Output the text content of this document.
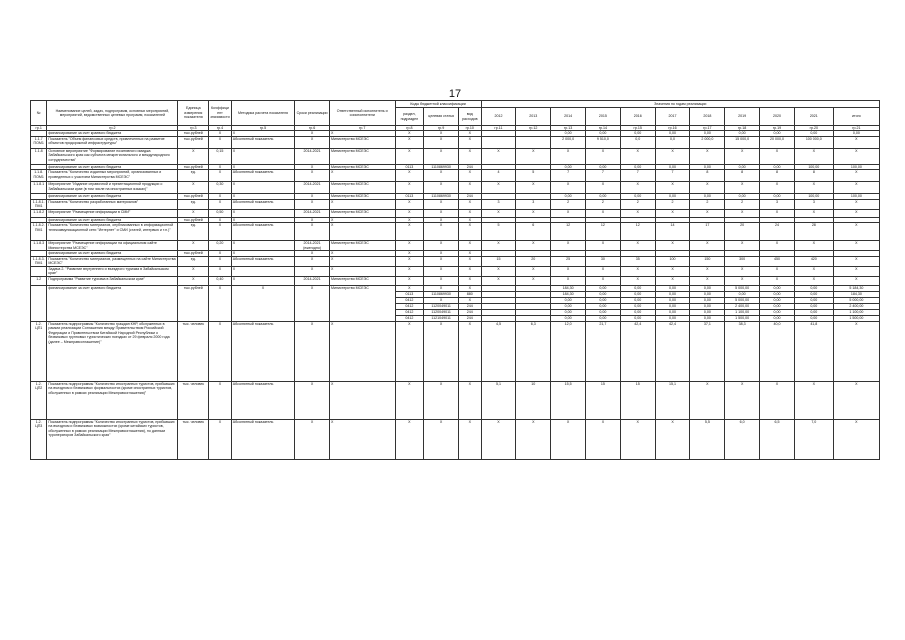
17
№	Наименование целей, задач, подпрограмм, основных мероприятий, мероприятий, ведомственных целевых программ, показателей	Единица измерения показателя	Коэффициент значимости	Методика расчета показателя	Сроки реализации	Ответственный исполнитель и соисполнители	Коды бюджетной классификации			Значения по годам реализации										
							раздел, подраздел	целевая статья	вид расходов	2012	2013	2014	2015	2016	2017	2018	2019	2020	2021	итого
гр.1	гр.2	гр.3	гр.4	гр.5	гр.6	гр.7	гр.8	гр.9	гр.10	гр.11	гр.12	гр.13	гр.14	гр.15	гр.16	гр.17	гр.18	гр.19	гр.20	гр.21
	финансирование за счет краевого бюджета	тыс.рублей	Х	Х	Х	Х	Х	Х	Х			0,00	0,00	0,00	0,00	0,00	0,00	0,00	0,00	0,00
1.1.7 ПОМ1	Показатель "Объем финансовых средств, привлеченных на развитие объектов придорожной инфраструктуры"	тыс.рублей	Х	Абсолютный показатель	Х	Министерство МСЕЭС	Х	Х	Х			2 000,0	9 510,0	0,0	0,0	2 000,0	15 000,0	20 000,0	100 000,0	Х
1.1.8	Основное мероприятие "Формирование позитивного имиджа Забайкальского края как субъекта межрегионального и международного сотрудничества"	Х	0,15	Х	2014-2021	Министерство МСЕЭС	Х	Х	Х	Х	Х	Х	Х	Х	Х	Х	Х	Х	Х	Х
	финансирование за счет краевого бюджета	тыс.рублей	Х	Х	Х	Министерство МСЕЭС	0113	1110869930	244			0,00	0,00	0,00	0,00	0,00	0,00	0,00	100,00	100,00
1.1.8. ПОМ1	Показатель "Количество изданных мероприятий, организованных и проведенных с участием Министерства МСЕЭС"	ед.	Х	Абсолютный показатель	Х	Х	Х	Х	Х	4	5	7	7	7	7	8	8	8	8	Х
1.1.8.1	Мероприятие "Издание справочной и презентационной продукции о Забайкальском крае (в том числе на иностранных языках)"	Х	0,30	Х	2014-2021	Министерство МСЕЭС	Х	Х	Х	Х	Х	Х	Х	Х	Х	Х	Х	Х	Х	Х
	финансирование за счет краевого бюджета	тыс.рублей	Х	Х	Х	Министерство МСЕЭС	0113	1110869930	244			0,00	0,00	0,00	0,00	0,00	0,00	0,00	100,00	100,00
1.1.8.1. ПМ1	Показатель "Количество разработанных материалов"	ед.	Х	Абсолютный показатель	Х	Х	Х	Х	Х	3	3	2	2	2	2	2	2	3	3	Х
1.1.8.2	Мероприятие "Размещение информации в СМИ"	Х	0,50	Х	2014-2021	Министерство МСЕЭС	Х	Х	Х	Х	Х	Х	Х	Х	Х	Х	Х	Х	Х	Х
	финансирование за счет краевого бюджета	тыс.рублей	Х	Х	Х	Х	Х	Х	Х											
1.1.8.2. ПМ1	Показатель "Количество материалов, опубликованных в информационной телекоммуникационной сети "Интернет" и СМИ (статей, интервью и т.п.)"	ед.	Х	Абсолютный показатель	Х	Х	Х	Х	Х	5	6	12	12	12	14	17	20	24	28	Х
1.1.8.3	Мероприятие "Размещение информации на официальном сайте Министерства МСЕЭС"	Х	0,20	Х	2014-2021 (ежегодно)	Министерство МСЕЭС	Х	Х	Х	Х	Х	Х	Х	Х	Х	Х	Х	Х	Х	Х
	финансирование за счет краевого бюджета	тыс.рублей	Х	Х	Х	Х	Х	Х	Х											
1.1.8.3. ПМ1	Показатель "Количество материалов, размещенных на сайте Министерства МСЕЭС"	ед.	Х	Абсолютный показатель	Х	Х	Х	Х	Х	15	20	25	30	35	100	150	300	450	420	Х
	Задача 2. "Развитие внутреннего и въездного туризма в Забайкальском крае"	Х	Х	Х	Х	Х	Х	Х	Х	Х	Х	Х	Х	Х	Х	Х	Х	Х	Х	Х
1.2	Подпрограмма "Развитие туризма в Забайкальском крае"	Х	0,40	Х	2014-2021	Министерство МСЕЭС	Х	Х	Х	Х	Х	Х	Х	Х	Х	Х	Х	Х	Х	Х
	финансирование за счет краевого бюджета	тыс.рублей	Х	Х	Х	Министерство МСЕЭС	Х	Х	Х			184,30	0,00	0,00	0,00	0,00	5 000,00	0,00	0,00	5 184,30
							0113	1110869930	880			184,30	0,00	0,00	0,00	0,00	0,00	0,00	0,00	184,30
							0412	Х	Х			0,00	0,00	0,00	0,00	0,00	5 000,00	0,00	0,00	5 000,00
							0412	1120049011	244			0,00	0,00	0,00	0,00	0,00	2 400,00	0,00	0,00	2 400,00
							0412	1120049011	244			0,00	0,00	0,00	0,00	0,00	1 100,00	0,00	0,00	1 100,00
							0412	1121049011	244			0,00	0,00	0,00	0,00	0,00	1 500,00	0,00	0,00	1 500,00
1.2. ЦП1	Показатель подпрограммы "Количество граждан КНР, обслуженных в рамках реализации Соглашения между Правительством Российской Федерации и Правительством Китайской Народной Республики о безвизовых групповых туристических поездках от 29 февраля 2000 года (далее – Межправсоглашение)"	тыс. человек	Х	Абсолютный показатель	Х	Х	Х	Х	Х	4,5	6,3	12,0	21,7	42,4	42,4	37,1	38,3	40,0	41,8	Х
1.2. ЦП2	Показатель подпрограммы "Количество иностранных туристов, прибывших на въездном и безвизовых формальностях (кроме иностранных туристов, обслуженных в рамках реализации Межправсоглашения)"	тыс. человек	Х	Абсолютный показатель	Х	Х	Х	Х	Х	5,1	10	15,5	15	15	15,1	Х	Х	Х	Х	Х
1.2. ЦП3	Показатель подпрограммы "Количество иностранных туристов, прибывших на въездном и безвизовых возможностях (кроме китайских туристов, обслуженных в рамках реализации Межправсоглашения), по данным туроператоров Забайкальского края"	тыс. человек	Х	Абсолютный показатель	Х	Х	Х	Х	Х	Х	Х	Х	Х	Х	Х	5,5	6,0	6,5	7,0	Х
